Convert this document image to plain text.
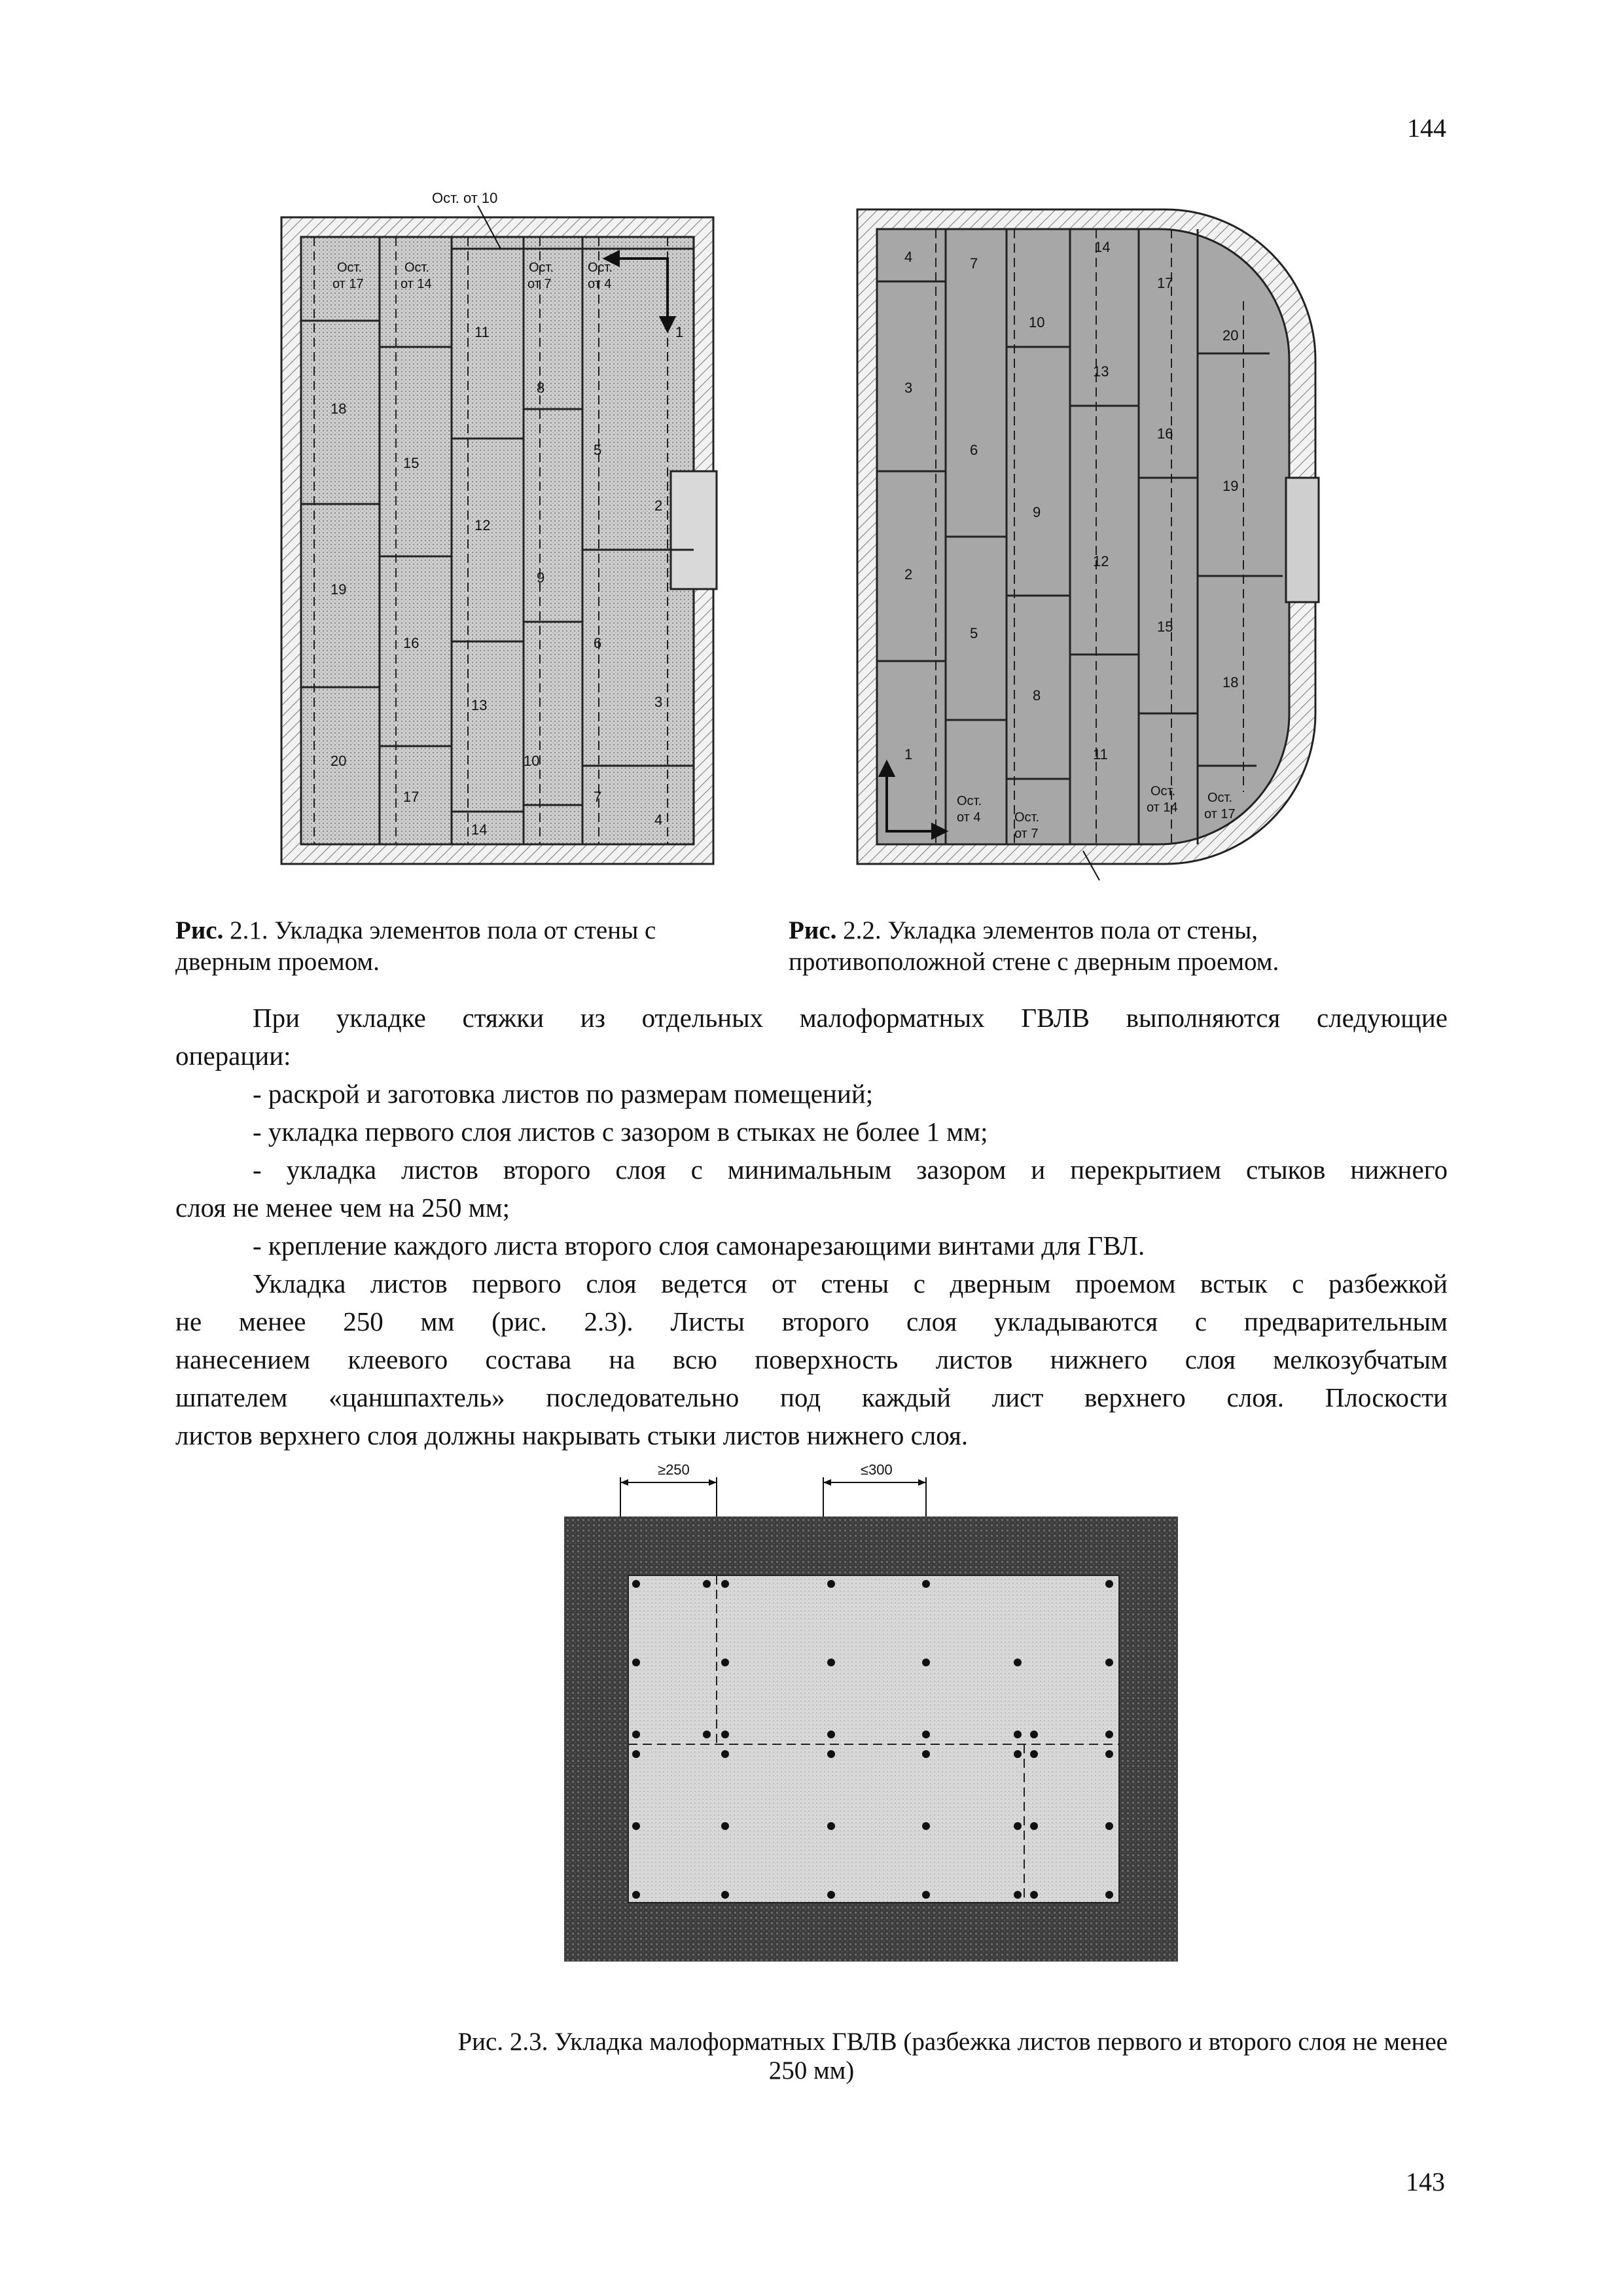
144
Ост. от 10
Ост.
от 17
Ост.
от 14
Ост.
от 7
Ост.
от 4
1
2
3
4
5
6
7
8
9
10
11
12
13
14
15
16
17
18
19
20	1
2
3
4
5
6
7
8
9
10
11
12
13
14
15
16
17
18
19
20
Ост.
от 4	Ост.
от 7
Ост.
от 14
Ост.
от 17
Рис. 2.1. Укладка элементов пола от стены с
дверным проемом.
Рис. 2.2. Укладка элементов пола от стены,
противоположной стене с дверным проемом.
При укладке стяжки из отдельных малоформатных ГВЛВ выполняются следующие
операции:
- раскрой и заготовка листов по размерам помещений;
- укладка первого слоя листов с зазором в стыках не более 1 мм;
- укладка листов второго слоя с минимальным зазором и перекрытием стыков нижнего
слоя не менее чем на 250 мм;
- крепление каждого листа второго слоя самонарезающими винтами для ГВЛ.
Укладка листов первого слоя ведется от стены с дверным проемом встык с разбежкой
не менее 250 мм (рис. 2.3). Листы второго слоя укладываются с предварительным
нанесением клеевого состава на всю поверхность листов нижнего слоя мелкозубчатым
шпателем «цаншпахтель» последовательно под каждый лист верхнего слоя. Плоскости
листов верхнего слоя должны накрывать стыки листов нижнего слоя.
≥250	≤300
Рис. 2.3. Укладка малоформатных ГВЛВ (разбежка листов первого и второго слоя не менее
250 мм)
143
